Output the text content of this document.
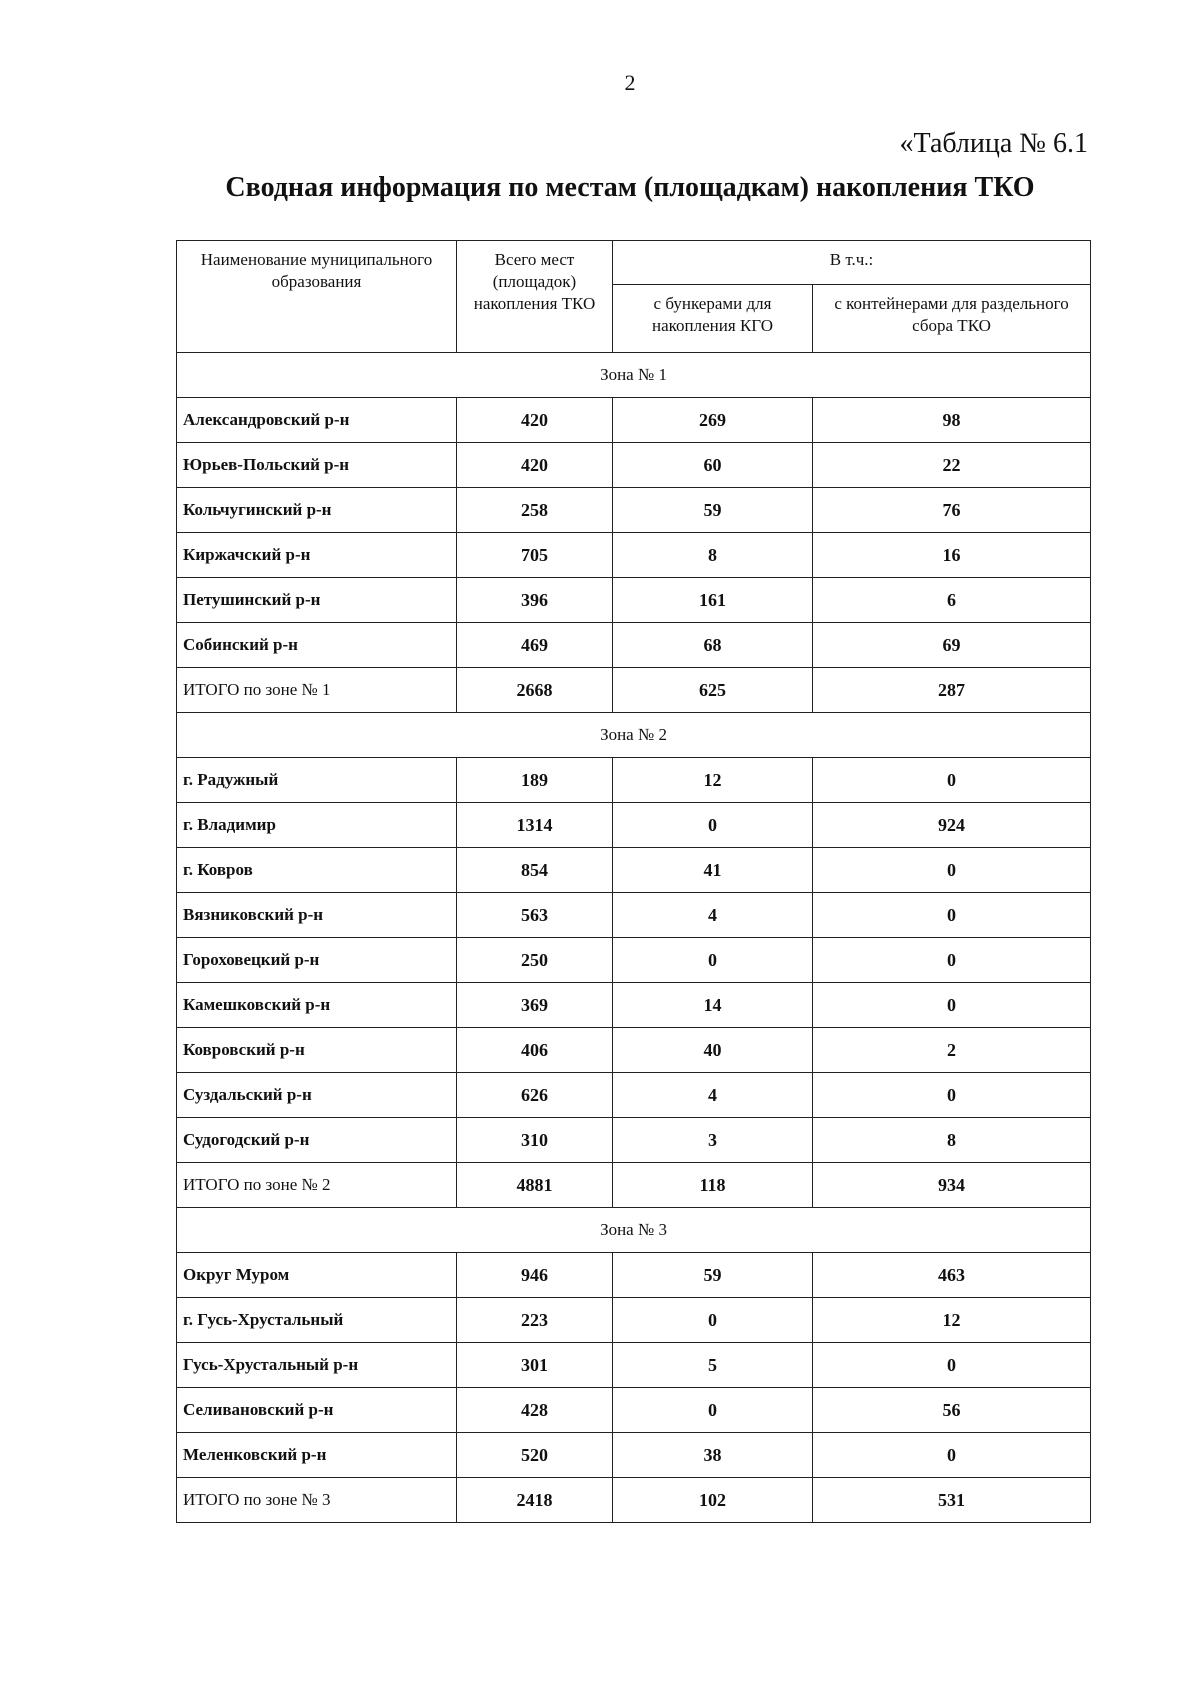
2
«Таблица № 6.1
Сводная информация по местам (площадкам) накопления ТКО
Наименование муниципального образования	Всего мест (площадок) накопления ТКО	В т.ч.:	
		с бункерами для накопления КГО	с контейнерами для раздельного сбора ТКО
Зона № 1			
Александровский р-н	420	269	98
Юрьев-Польский р-н	420	60	22
Кольчугинский р-н	258	59	76
Киржачский р-н	705	8	16
Петушинский р-н	396	161	6
Собинский р-н	469	68	69
ИТОГО по зоне № 1	2668	625	287
Зона № 2			
г. Радужный	189	12	0
г. Владимир	1314	0	924
г. Ковров	854	41	0
Вязниковский р-н	563	4	0
Гороховецкий р-н	250	0	0
Камешковский р-н	369	14	0
Ковровский р-н	406	40	2
Суздальский р-н	626	4	0
Судогодский р-н	310	3	8
ИТОГО по зоне № 2	4881	118	934
Зона № 3			
Округ Муром	946	59	463
г. Гусь-Хрустальный	223	0	12
Гусь-Хрустальный р-н	301	5	0
Селивановский р-н	428	0	56
Меленковский р-н	520	38	0
ИТОГО по зоне № 3	2418	102	531
